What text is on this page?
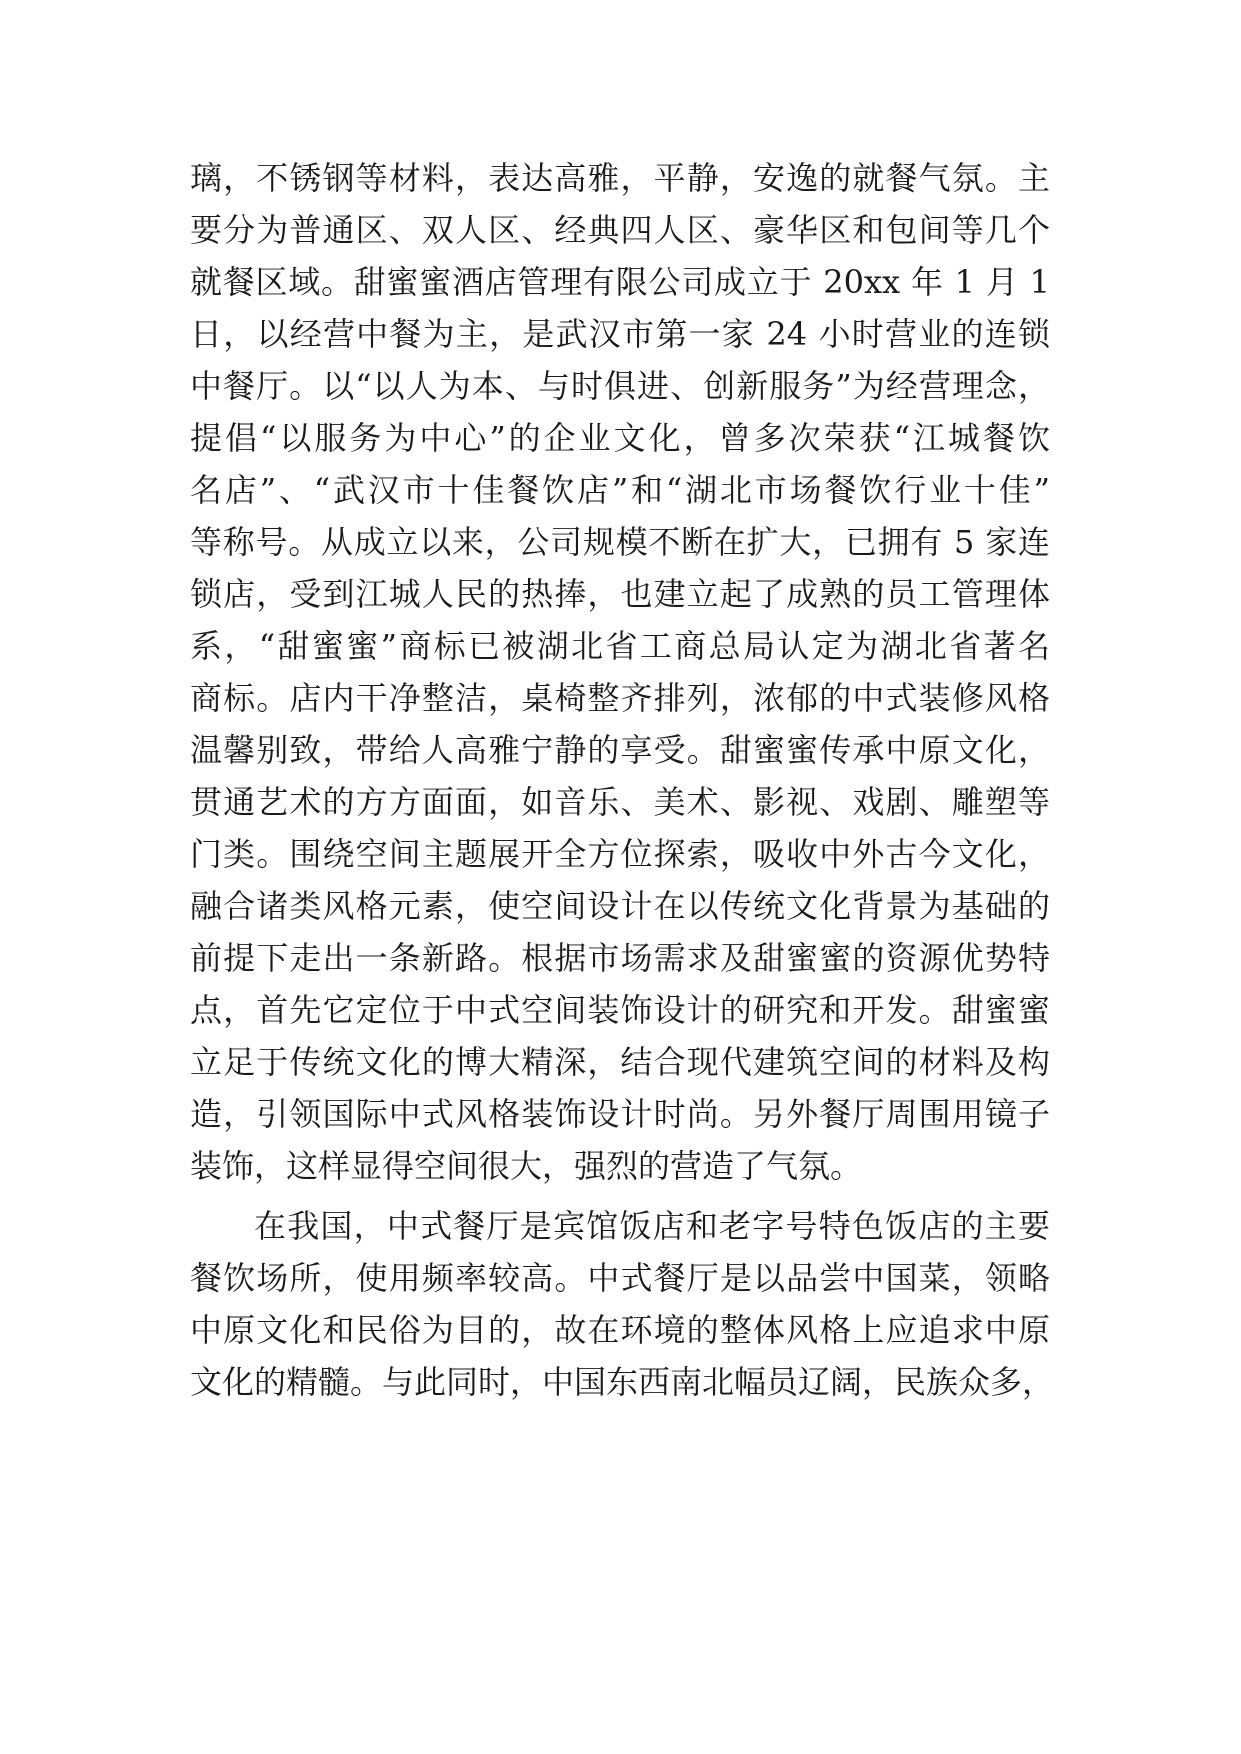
璃，不锈钢等材料，表达高雅，平静，安逸的就餐气氛。主
要分为普通区、双人区、经典四人区、豪华区和包间等几个
就餐区域。甜蜜蜜酒店管理有限公司成立于 20xx 年 1 月 1
日，以经营中餐为主，是武汉市第一家 24 小时营业的连锁
中餐厅。以“以人为本、与时俱进、创新服务”为经营理念，
提倡“以服务为中心”的企业文化，曾多次荣获“江城餐饮
名店”、“武汉市十佳餐饮店”和“湖北市场餐饮行业十佳”
等称号。从成立以来，公司规模不断在扩大，已拥有 5 家连
锁店，受到江城人民的热捧，也建立起了成熟的员工管理体
系，“甜蜜蜜”商标已被湖北省工商总局认定为湖北省著名
商标。店内干净整洁，桌椅整齐排列，浓郁的中式装修风格
温馨别致，带给人高雅宁静的享受。甜蜜蜜传承中原文化，
贯通艺术的方方面面，如音乐、美术、影视、戏剧、雕塑等
门类。围绕空间主题展开全方位探索，吸收中外古今文化，
融合诸类风格元素，使空间设计在以传统文化背景为基础的
前提下走出一条新路。根据市场需求及甜蜜蜜的资源优势特
点，首先它定位于中式空间装饰设计的研究和开发。甜蜜蜜
立足于传统文化的博大精深，结合现代建筑空间的材料及构
造，引领国际中式风格装饰设计时尚。另外餐厅周围用镜子
装饰，这样显得空间很大，强烈的营造了气氛。
在我国，中式餐厅是宾馆饭店和老字号特色饭店的主要
餐饮场所，使用频率较高。中式餐厅是以品尝中国菜，领略
中原文化和民俗为目的，故在环境的整体风格上应追求中原
文化的精髓。与此同时，中国东西南北幅员辽阔，民族众多，
